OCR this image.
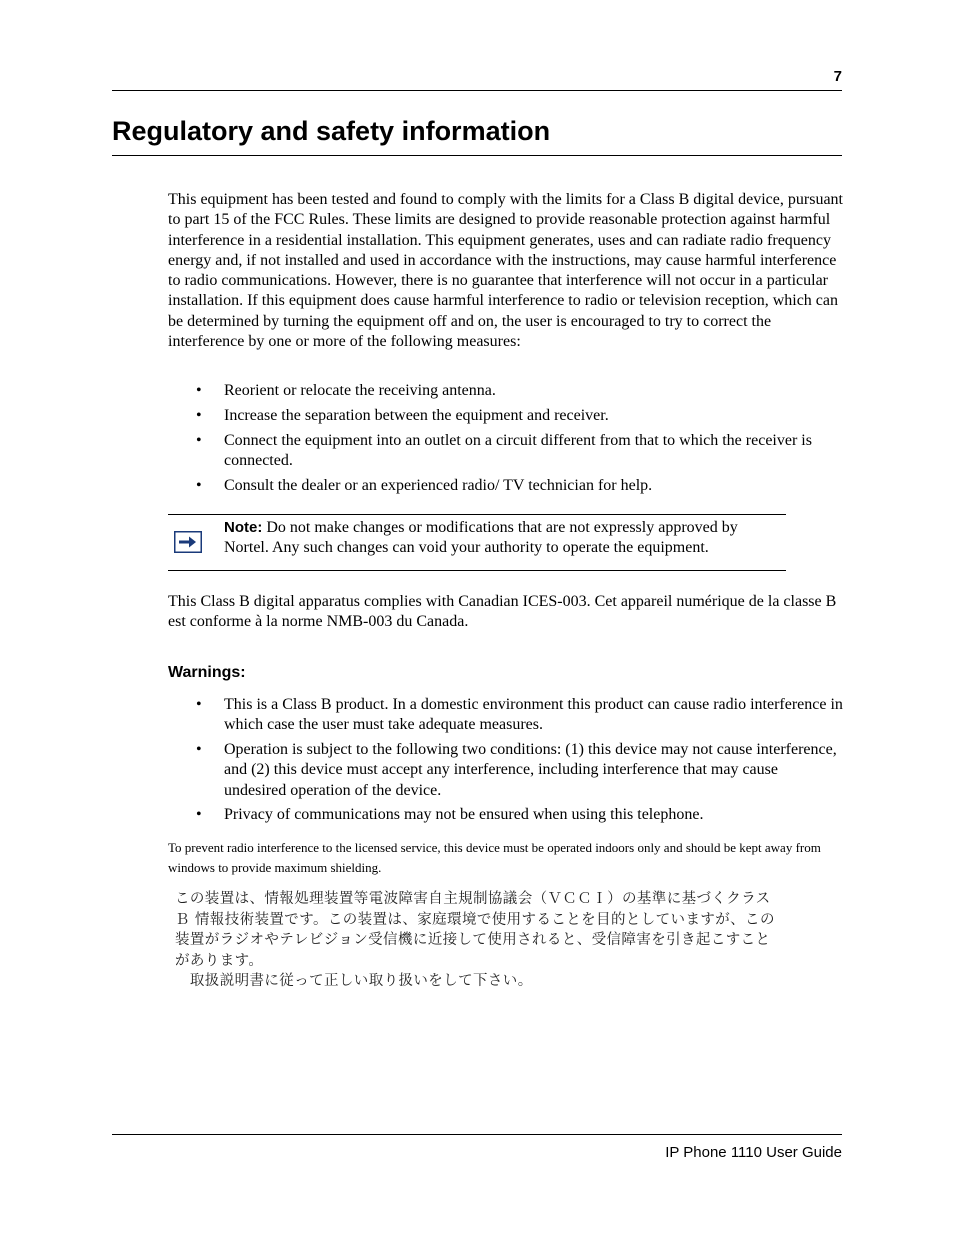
7
Regulatory and safety information

This equipment has been tested and found to comply with the limits for a Class B digital device, pursuant to part 15 of the FCC Rules. These limits are designed to provide reasonable protection against harmful interference in a residential installation. This equipment generates, uses and can radiate radio frequency energy and, if not installed and used in accordance with the instructions, may cause harmful interference to radio communications. However, there is no guarantee that interference will not occur in a particular installation. If this equipment does cause harmful interference to radio or television reception, which can be determined by turning the equipment off and on, the user is encouraged to try to correct the interference by one or more of the following measures:

• Reorient or relocate the receiving antenna.
• Increase the separation between the equipment and receiver.
• Connect the equipment into an outlet on a circuit different from that to which the receiver is connected.
• Consult the dealer or an experienced radio/ TV technician for help.

Note: Do not make changes or modifications that are not expressly approved by Nortel. Any such changes can void your authority to operate the equipment.

This Class B digital apparatus complies with Canadian ICES-003. Cet appareil numérique de la classe B est conforme à la norme NMB-003 du Canada.

Warnings:
• This is a Class B product. In a domestic environment this product can cause radio interference in which case the user must take adequate measures.
• Operation is subject to the following two conditions: (1) this device may not cause interference, and (2) this device must accept any interference, including interference that may cause undesired operation of the device.
• Privacy of communications may not be ensured when using this telephone.

To prevent radio interference to the licensed service, this device must be operated indoors only and should be kept away from windows to provide maximum shielding.

この装置は、情報処理装置等電波障害自主規制協議会（ＶＣＣＩ）の基準に基づくクラス
Ｂ 情報技術装置です。この装置は、家庭環境で使用することを目的としていますが、この
装置がラジオやテレビジョン受信機に近接して使用されると、受信障害を引き起こすこと
があります。
　取扱説明書に従って正しい取り扱いをして下さい。

IP Phone 1110 User Guide
